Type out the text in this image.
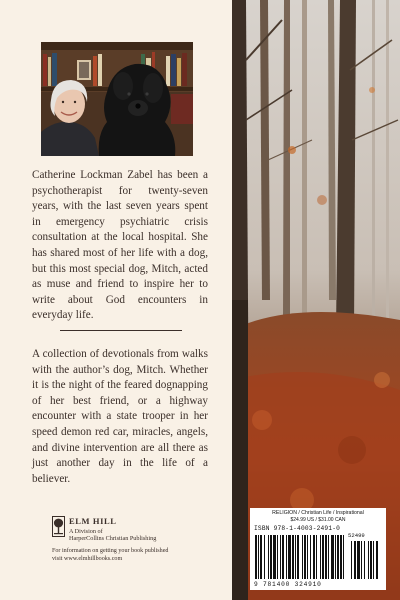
Catherine Lockman Zabel has been a psychotherapist for twenty-seven years, with the last seven years spent in emergency psychiatric crisis consultation at the local hospital. She has shared most of her life with a dog, but this most special dog, Mitch, acted as muse and friend to inspire her to write about God encounters in everyday life.

A collection of devotionals from walks with the author’s dog, Mitch. Whether it is the night of the feared dognapping of her best friend, or a highway encounter with a state trooper in her speed demon red car, miracles, angels, and divine intervention are all there as just another day in the life of a believer.

ELM HILL

A Division of

HarperCollins Christian Publishing

For information on getting your book published

visit www.elmhillbooks.com

RELIGION / Christian Life / Inspirational

$24.99 US / $31.00 CAN

ISBN 978-1-4003-2491-0

52499

9 781400 324910
